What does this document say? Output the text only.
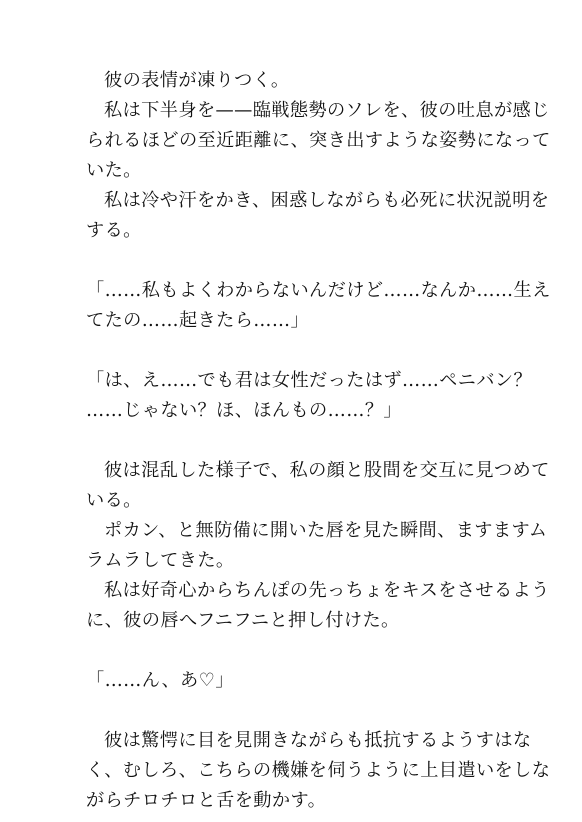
彼の表情が凍りつく。
私は下半身を——臨戦態勢のソレを、彼の吐息が感じ
られるほどの至近距離に、突き出すような姿勢になって
いた。
私は冷や汗をかき、困惑しながらも必死に状況説明を
する。
「……私もよくわからないんだけど……なんか……生え
てたの……起きたら……」
「は、え……でも君は女性だったはず……ペニバン？
……じゃない？ほ、ほんもの……？」
彼は混乱した様子で、私の顔と股間を交互に見つめて
いる。
ポカン、と無防備に開いた唇を見た瞬間、ますますム
ラムラしてきた。
私は好奇心からちんぽの先っちょをキスをさせるよう
に、彼の唇へフニフニと押し付けた。
「……ん、あ♡」
彼は驚愕に目を見開きながらも抵抗するようすはな
く、むしろ、こちらの機嫌を伺うように上目遣いをしな
がらチロチロと舌を動かす。
